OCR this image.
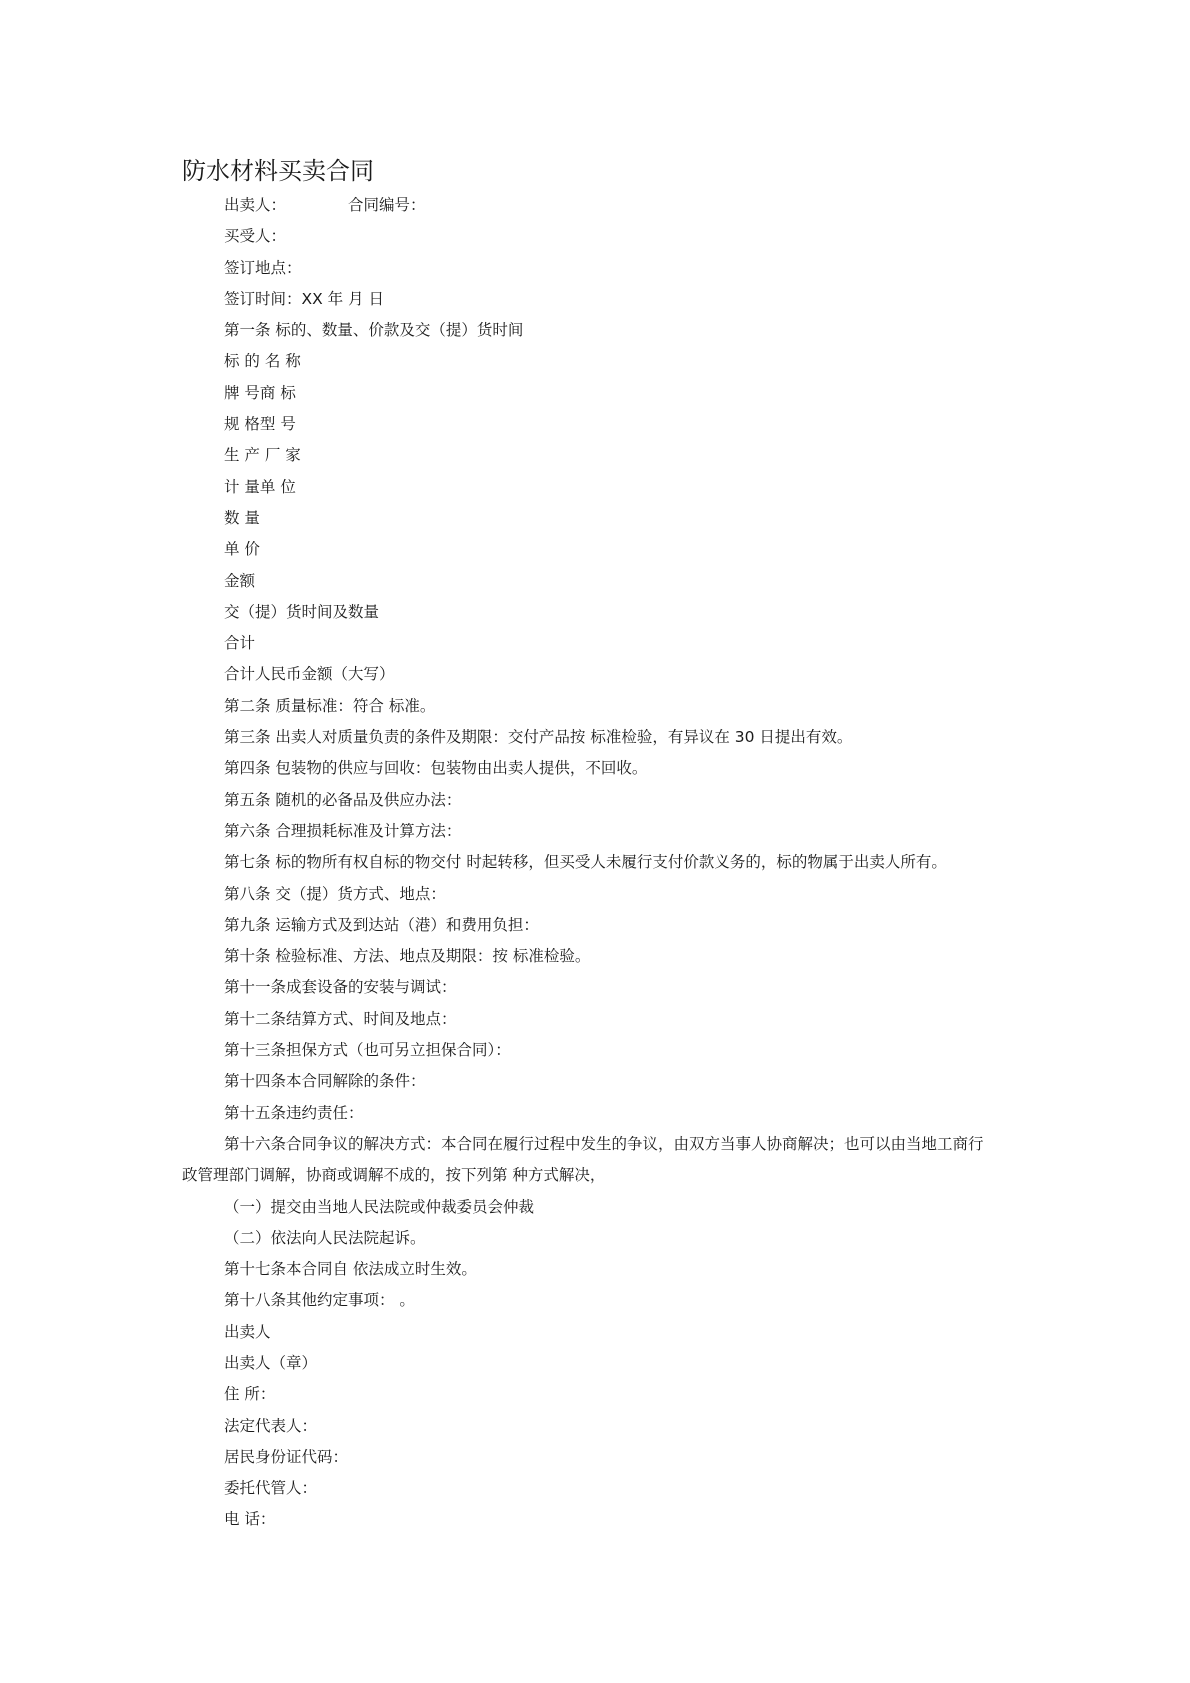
防水材料买卖合同
出卖人：	合同编号：
买受人：
签订地点：
签订时间：XX 年 月 日
第一条 标的、数量、价款及交（提）货时间
标 的 名 称
牌 号商 标
规 格型 号
生 产 厂 家
计 量单 位
数 量
单 价
金额
交（提）货时间及数量
合计
合计人民币金额（大写）
第二条 质量标准：符合 标准。
第三条 出卖人对质量负责的条件及期限：交付产品按 标准检验，有异议在 30 日提出有效。
第四条 包装物的供应与回收：包装物由出卖人提供，不回收。
第五条 随机的必备品及供应办法：
第六条 合理损耗标准及计算方法：
第七条 标的物所有权自标的物交付 时起转移，但买受人未履行支付价款义务的，标的物属于出卖人所有。
第八条 交（提）货方式、地点：
第九条 运输方式及到达站（港）和费用负担：
第十条 检验标准、方法、地点及期限：按 标准检验。
第十一条成套设备的安装与调试：
第十二条结算方式、时间及地点：
第十三条担保方式（也可另立担保合同）：
第十四条本合同解除的条件：
第十五条违约责任：
第十六条合同争议的解决方式：本合同在履行过程中发生的争议，由双方当事人协商解决；也可以由当地工商行
政管理部门调解，协商或调解不成的，按下列第 种方式解决，
（一）提交由当地人民法院或仲裁委员会仲裁
（二）依法向人民法院起诉。
第十七条本合同自 依法成立时生效。
第十八条其他约定事项： 。
出卖人
出卖人（章）
住 所：
法定代表人：
居民身份证代码：
委托代管人：
电 话：
